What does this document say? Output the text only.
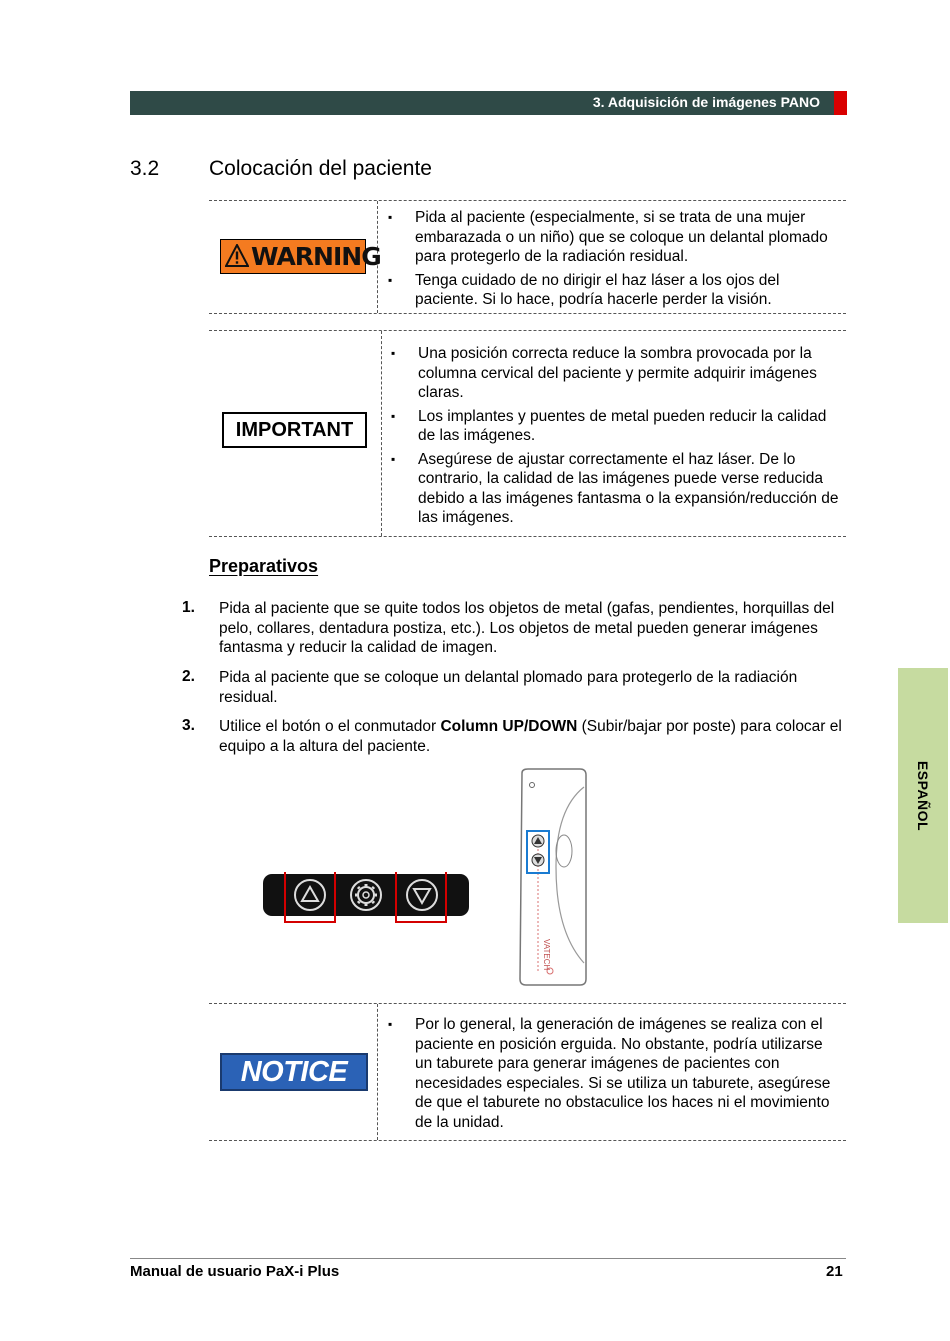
3. Adquisición de imágenes PANO
3.2 Colocación del paciente
▪ Pida al paciente (especialmente, si se trata de una mujer embarazada o un niño) que se coloque un delantal plomado para protegerlo de la radiación residual.
▪ Tenga cuidado de no dirigir el haz láser a los ojos del paciente. Si lo hace, podría hacerle perder la visión.
WARNING
▪ Una posición correcta reduce la sombra provocada por la columna cervical del paciente y permite adquirir imágenes claras.
▪ Los implantes y puentes de metal pueden reducir la calidad de las imágenes.
▪ Asegúrese de ajustar correctamente el haz láser. De lo contrario, la calidad de las imágenes puede verse reducida debido a las imágenes fantasma o la expansión/reducción de las imágenes.
IMPORTANT
Preparativos
1. Pida al paciente que se quite todos los objetos de metal (gafas, pendientes, horquillas del pelo, collares, dentadura postiza, etc.). Los objetos de metal pueden generar imágenes fantasma y reducir la calidad de imagen.
2. Pida al paciente que se coloque un delantal plomado para protegerlo de la radiación residual.
3. Utilice el botón o el conmutador Column UP/DOWN (Subir/bajar por poste) para colocar el equipo a la altura del paciente.
VATECH
▪ Por lo general, la generación de imágenes se realiza con el paciente en posición erguida. No obstante, podría utilizarse un taburete para generar imágenes de pacientes con necesidades especiales. Si se utiliza un taburete, asegúrese de que el taburete no obstaculice los haces ni el movimiento de la unidad.
NOTICE
ESPAÑOL
Manual de usuario PaX-i Plus	21
